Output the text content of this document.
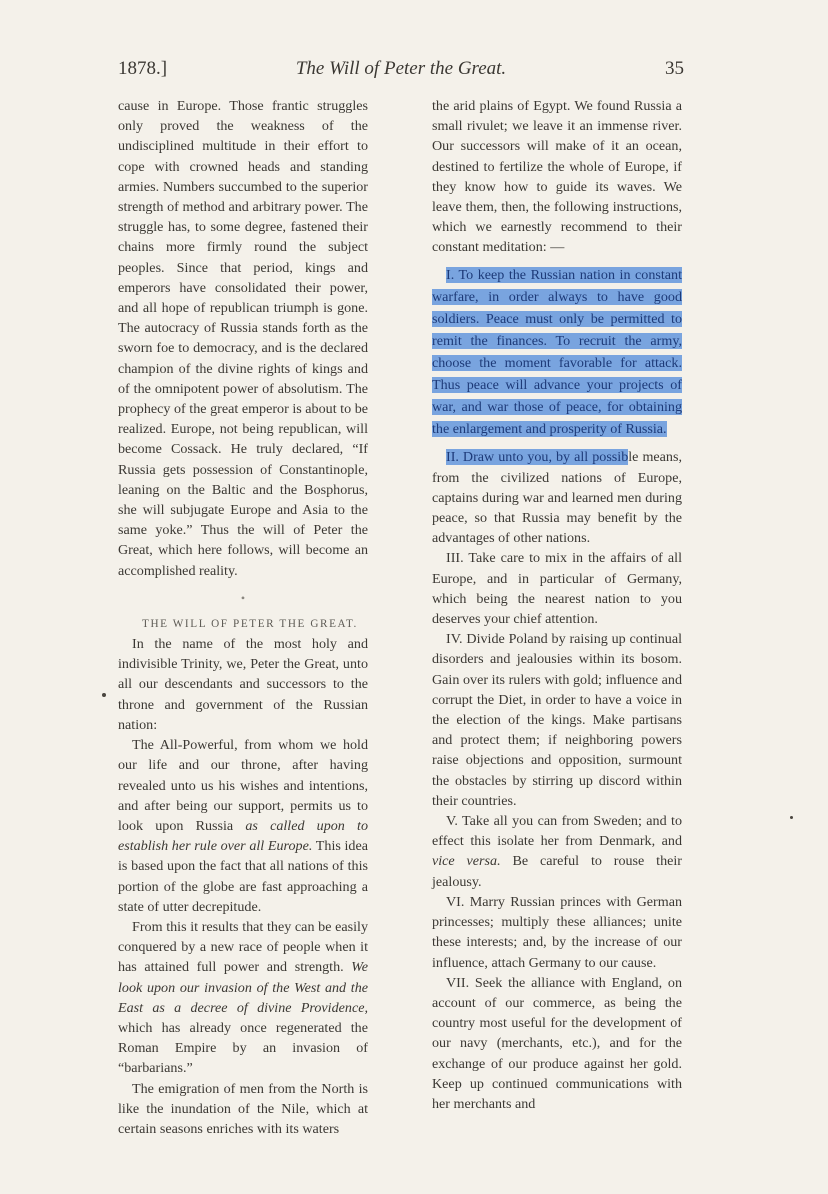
1878.]	The Will of Peter the Great.	35

cause in Europe. Those frantic struggles only proved the weakness of the undisciplined multitude in their effort to cope with crowned heads and standing armies. Numbers succumbed to the superior strength of method and arbitrary power. The struggle has, to some degree, fastened their chains more firmly round the subject peoples. Since that period, kings and emperors have consolidated their power, and all hope of republican triumph is gone. The autocracy of Russia stands forth as the sworn foe to democracy, and is the declared champion of the divine rights of kings and of the omnipotent power of absolutism. The prophecy of the great emperor is about to be realized. Europe, not being republican, will become Cossack. He truly declared, “If Russia gets possession of Constantinople, leaning on the Baltic and the Bosphorus, she will subjugate Europe and Asia to the same yoke.” Thus the will of Peter the Great, which here follows, will become an accomplished reality.

•

THE WILL OF PETER THE GREAT.

In the name of the most holy and indivisible Trinity, we, Peter the Great, unto all our descendants and successors to the throne and government of the Russian nation:

The All-Powerful, from whom we hold our life and our throne, after having revealed unto us his wishes and intentions, and after being our support, permits us to look upon Russia as called upon to establish her rule over all Europe. This idea is based upon the fact that all nations of this portion of the globe are fast approaching a state of utter decrepitude.

From this it results that they can be easily conquered by a new race of people when it has attained full power and strength. We look upon our invasion of the West and the East as a decree of divine Providence, which has already once regenerated the Roman Empire by an invasion of “barbarians.”

The emigration of men from the North is like the inundation of the Nile, which at certain seasons enriches with its waters

the arid plains of Egypt. We found Russia a small rivulet; we leave it an immense river. Our successors will make of it an ocean, destined to fertilize the whole of Europe, if they know how to guide its waves. We leave them, then, the following instructions, which we earnestly recommend to their constant meditation: —

I. To keep the Russian nation in constant warfare, in order always to have good soldiers. Peace must only be permitted to remit the finances. To recruit the army, choose the moment favorable for attack. Thus peace will advance your projects of war, and war those of peace, for obtaining the enlargement and prosperity of Russia.

II. Draw unto you, by all possible means, from the civilized nations of Europe, captains during war and learned men during peace, so that Russia may benefit by the advantages of other nations.

III. Take care to mix in the affairs of all Europe, and in particular of Germany, which being the nearest nation to you deserves your chief attention.

IV. Divide Poland by raising up continual disorders and jealousies within its bosom. Gain over its rulers with gold; influence and corrupt the Diet, in order to have a voice in the election of the kings. Make partisans and protect them; if neighboring powers raise objections and opposition, surmount the obstacles by stirring up discord within their countries.

V. Take all you can from Sweden; and to effect this isolate her from Denmark, and vice versa. Be careful to rouse their jealousy.

VI. Marry Russian princes with German princesses; multiply these alliances; unite these interests; and, by the increase of our influence, attach Germany to our cause.

VII. Seek the alliance with England, on account of our commerce, as being the country most useful for the development of our navy (merchants, etc.), and for the exchange of our produce against her gold. Keep up continued communications with her merchants and
